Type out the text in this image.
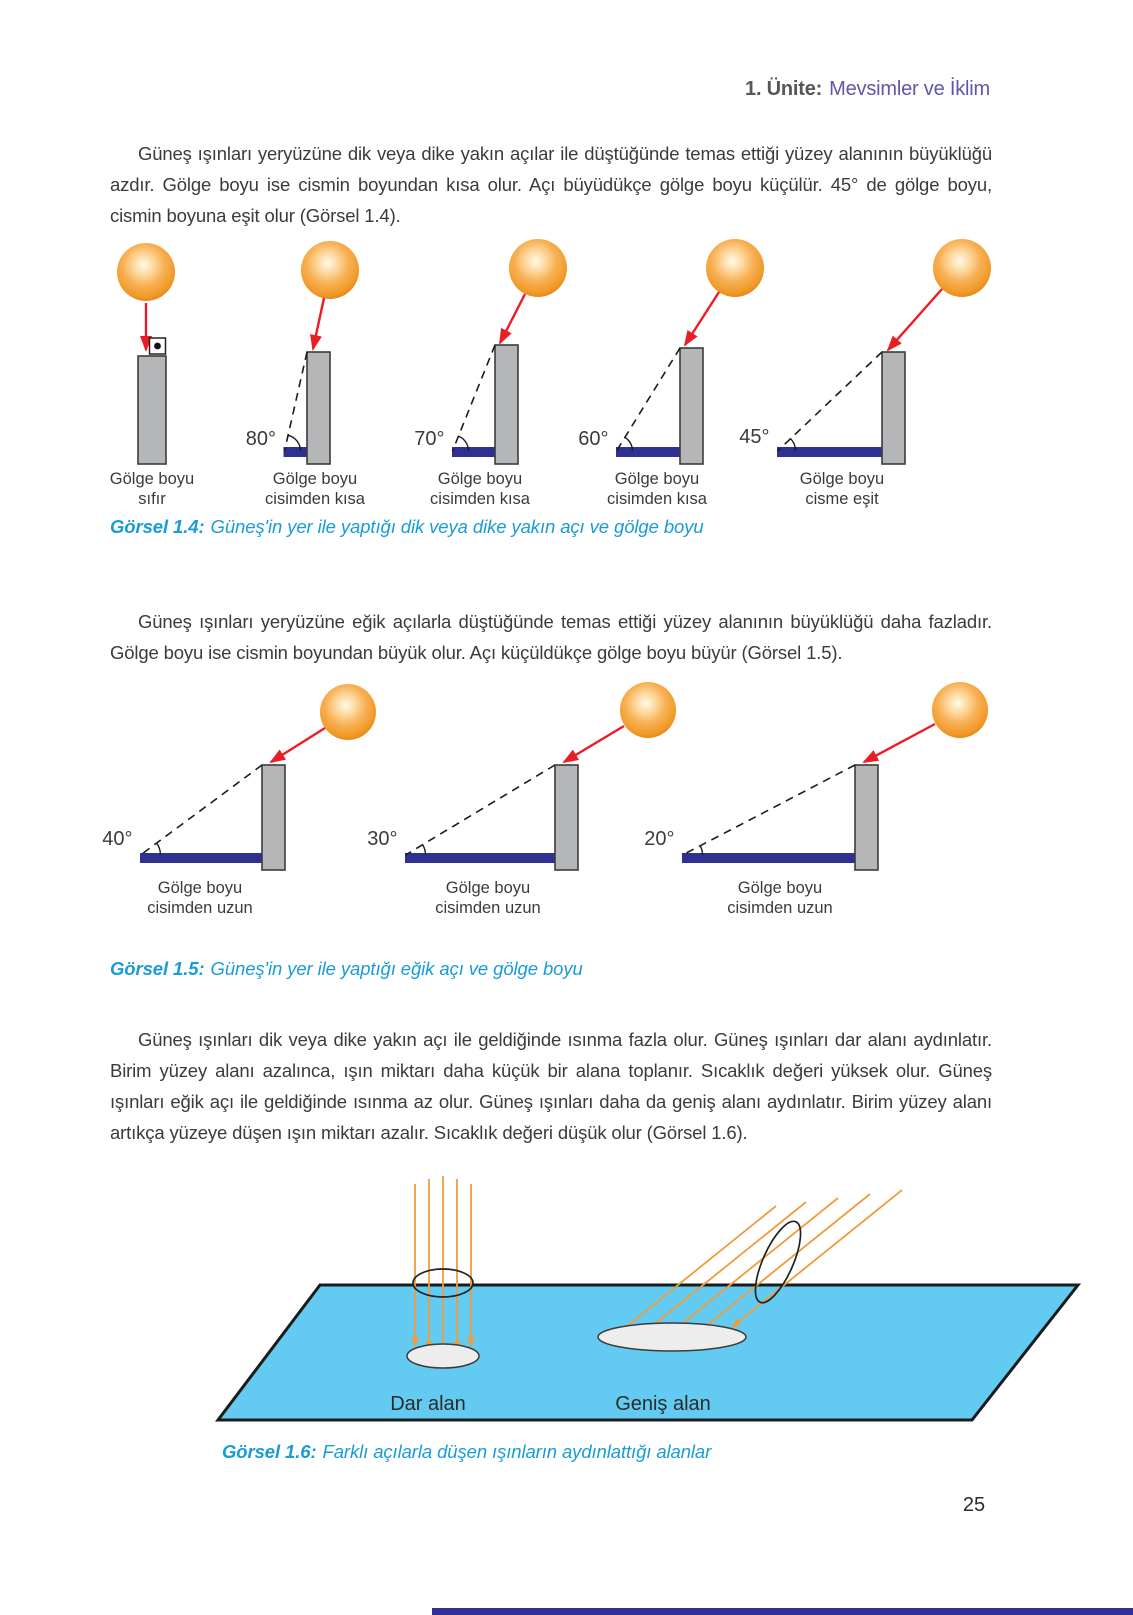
1. Ünite: Mevsimler ve İklim

Güneş ışınları yeryüzüne dik veya dike yakın açılar ile düştüğünde temas ettiği yüzey alanının büyüklüğü azdır. Gölge boyu ise cismin boyundan kısa olur. Açı büyüdükçe gölge boyu küçülür. 45° de gölge boyu, cismin boyuna eşit olur (Görsel 1.4).

Güneş ışınları yeryüzüne eğik açılarla düştüğünde temas ettiği yüzey alanının büyüklüğü daha fazladır. Gölge boyu ise cismin boyundan büyük olur. Açı küçüldükçe gölge boyu büyür (Görsel 1.5).

Güneş ışınları dik veya dike yakın açı ile geldiğinde ısınma fazla olur. Güneş ışınları dar alanı aydınlatır. Birim yüzey alanı azalınca, ışın miktarı daha küçük bir alana toplanır. Sıcaklık değeri yüksek olur. Güneş ışınları eğik açı ile geldiğinde ısınma az olur. Güneş ışınları daha da geniş alanı aydınlatır. Birim yüzey alanı artıkça yüzeye düşen ışın miktarı azalır. Sıcaklık değeri düşük olur (Görsel 1.6).

80°	70°	60°	45°
Gölge boyu
sıfır
Gölge boyu
cisimden kısa
Gölge boyu
cisimden kısa
Gölge boyu
cisimden kısa
Gölge boyu
cisme eşit
Görsel 1.4: Güneş'in yer ile yaptığı dik veya dike yakın açı ve gölge boyu
40°	30°	20°
Gölge boyu
cisimden uzun
Gölge boyu
cisimden uzun
Gölge boyu
cisimden uzun
Görsel 1.5: Güneş'in yer ile yaptığı eğik açı ve gölge boyu
Dar alan	Geniş alan
Görsel 1.6: Farklı açılarla düşen ışınların aydınlattığı alanlar
25
